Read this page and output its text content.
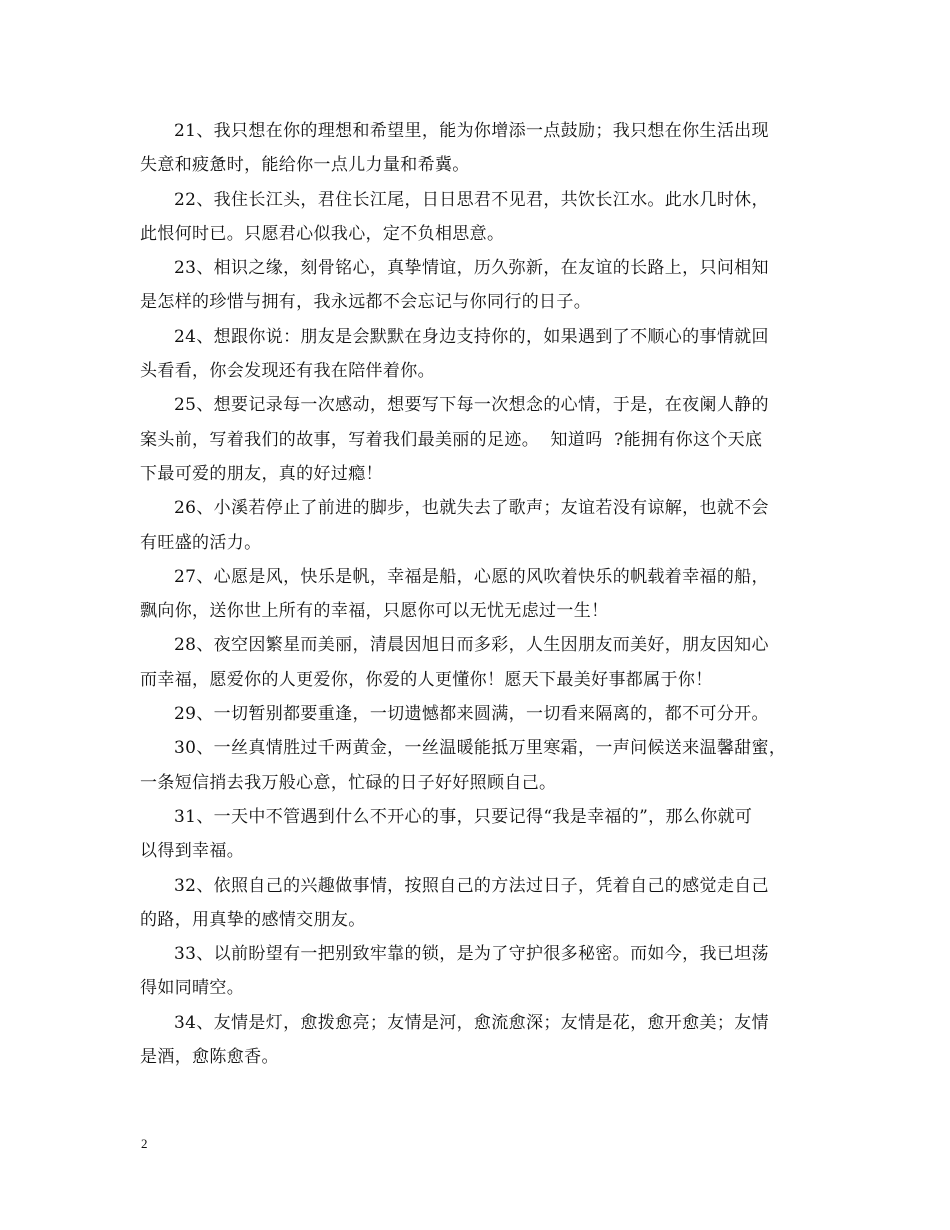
21、我只想在你的理想和希望里，能为你增添一点鼓励；我只想在你生活出现
失意和疲惫时，能给你一点儿力量和希冀。

22、我住长江头，君住长江尾，日日思君不见君，共饮长江水。此水几时休，
此恨何时已。只愿君心似我心，定不负相思意。

23、相识之缘，刻骨铭心，真挚情谊，历久弥新，在友谊的长路上，只问相知
是怎样的珍惜与拥有，我永远都不会忘记与你同行的日子。

24、想跟你说：朋友是会默默在身边支持你的，如果遇到了不顺心的事情就回
头看看，你会发现还有我在陪伴着你。

25、想要记录每一次感动，想要写下每一次想念的心情，于是，在夜阑人静的
案头前，写着我们的故事，写着我们最美丽的足迹。  知道吗  ?能拥有你这个天底
下最可爱的朋友，真的好过瘾！

26、小溪若停止了前进的脚步，也就失去了歌声；友谊若没有谅解，也就不会
有旺盛的活力。

27、心愿是风，快乐是帆，幸福是船，心愿的风吹着快乐的帆载着幸福的船，
飘向你，送你世上所有的幸福，只愿你可以无忧无虑过一生！

28、夜空因繁星而美丽，清晨因旭日而多彩，人生因朋友而美好，朋友因知心
而幸福，愿爱你的人更爱你，你爱的人更懂你！愿天下最美好事都属于你！

29、一切暂别都要重逢，一切遗憾都来圆满，一切看来隔离的，都不可分开。

30、一丝真情胜过千两黄金，一丝温暖能抵万里寒霜，一声问候送来温馨甜蜜，
一条短信捎去我万般心意，忙碌的日子好好照顾自己。

31、一天中不管遇到什么不开心的事，只要记得“我是幸福的”，那么你就可
以得到幸福。

32、依照自己的兴趣做事情，按照自己的方法过日子，凭着自己的感觉走自己
的路，用真挚的感情交朋友。

33、以前盼望有一把别致牢靠的锁，是为了守护很多秘密。而如今，我已坦荡
得如同晴空。

34、友情是灯，愈拨愈亮；友情是河，愈流愈深；友情是花，愈开愈美；友情
是酒，愈陈愈香。

2
